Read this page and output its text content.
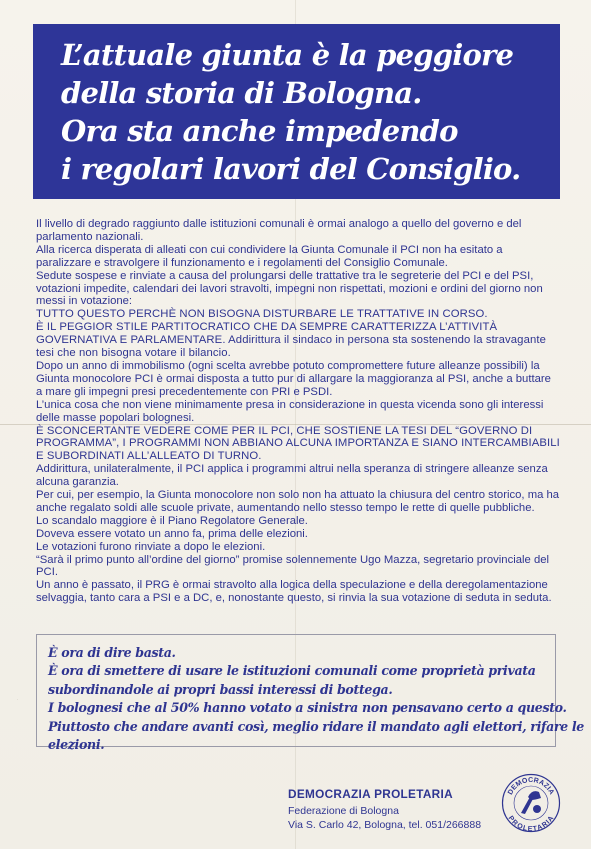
L’attuale giunta è la peggiore
della storia di Bologna.
Ora sta anche impedendo
i regolari lavori del Consiglio.

Il livello di degrado raggiunto dalle istituzioni comunali è ormai analogo a quello del governo e del parlamento nazionali.

Alla ricerca disperata di alleati con cui condividere la Giunta Comunale il PCI non ha esitato a paralizzare e stravolgere il funzionamento e i regolamenti del Consiglio Comunale.

Sedute sospese e rinviate a causa del prolungarsi delle trattative tra le segreterie del PCI e del PSI, votazioni impedite, calendari dei lavori stravolti, impegni non rispettati, mozioni e ordini del giorno non messi in votazione:

TUTTO QUESTO PERCHÈ NON BISOGNA DISTURBARE LE TRATTATIVE IN CORSO.

È IL PEGGIOR STILE PARTITOCRATICO CHE DA SEMPRE CARATTERIZZA L’ATTIVITÀ GOVERNATIVA E PARLAMENTARE. Addirittura il sindaco in persona sta sostenendo la stravagante tesi che non bisogna votare il bilancio.

Dopo un anno di immobilismo (ogni scelta avrebbe potuto compromettere future alleanze possibili) la Giunta monocolore PCI è ormai disposta a tutto pur di allargare la maggioranza al PSI, anche a buttare a mare gli impegni presi precedentemente con PRI e PSDI.

L’unica cosa che non viene minimamente presa in considerazione in questa vicenda sono gli interessi delle masse popolari bolognesi.

È SCONCERTANTE VEDERE COME PER IL PCI, CHE SOSTIENE LA TESI DEL “GOVERNO DI PROGRAMMA”, I PROGRAMMI NON ABBIANO ALCUNA IMPORTANZA E SIANO INTERCAMBIABILI E SUBORDINATI ALL’ALLEATO DI TURNO.

Addirittura, unilateralmente, il PCI applica i programmi altrui nella speranza di stringere alleanze senza alcuna garanzia.

Per cui, per esempio, la Giunta monocolore non solo non ha attuato la chiusura del centro storico, ma ha anche regalato soldi alle scuole private, aumentando nello stesso tempo le rette di quelle pubbliche.

Lo scandalo maggiore è il Piano Regolatore Generale.

Doveva essere votato un anno fa, prima delle elezioni.

Le votazioni furono rinviate a dopo le elezioni.

“Sarà il primo punto all’ordine del giorno” promise solennemente Ugo Mazza, segretario provinciale del PCI.

Un anno è passato, il PRG è ormai stravolto alla logica della speculazione e della deregolamentazione selvaggia, tanto cara a PSI e a DC, e, nonostante questo, si rinvia la sua votazione di seduta in seduta.

È ora di dire basta.

È ora di smettere di usare le istituzioni comunali come proprietà privata

subordinandole ai propri bassi interessi di bottega.

I bolognesi che al 50% hanno votato a sinistra non pensavano certo a questo.

Piuttosto che andare avanti così, meglio ridare il mandato agli elettori, rifare le

elezioni.

DEMOCRAZIA PROLETARIA
Federazione di Bologna
Via S. Carlo 42, Bologna, tel. 051/266888
DEMOCRAZIA
PROLETARIA
·
